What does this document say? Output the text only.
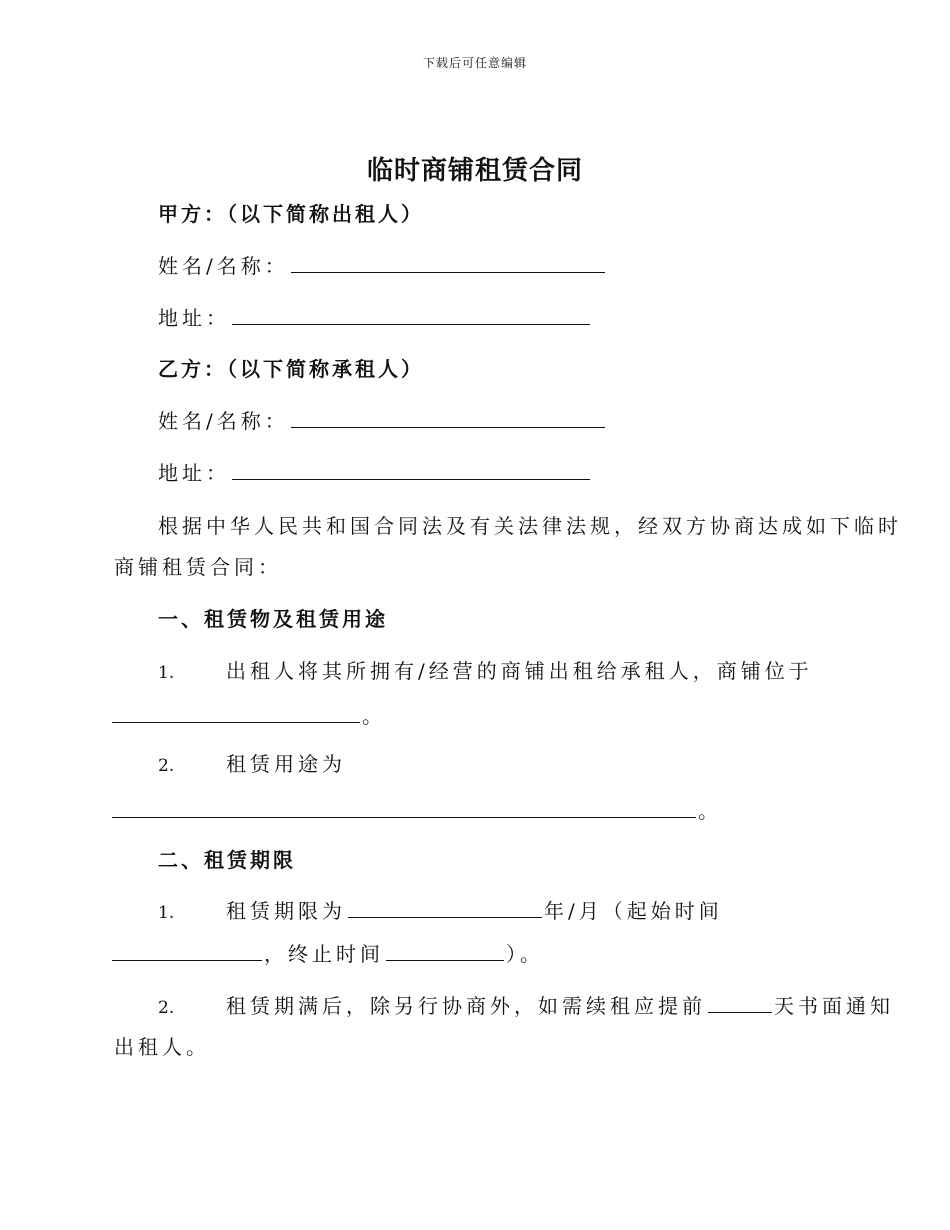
下载后可任意编辑
临时商铺租赁合同
甲方：（以下简称出租人）
姓名/名称：
地址：
乙方：（以下简称承租人）
姓名/名称：
地址：
根据中华人民共和国合同法及有关法律法规，经双方协商达成如下临时
商铺租赁合同：
一、租赁物及租赁用途
1.	出租人将其所拥有/经营的商铺出租给承租人，商铺位于
。
2.	租赁用途为
。
二、租赁期限
1.	租赁期限为	年/月（起始时间
，终止时间	）。
2.	租赁期满后，除另行协商外，如需续租应提前	天书面通知
出租人。
